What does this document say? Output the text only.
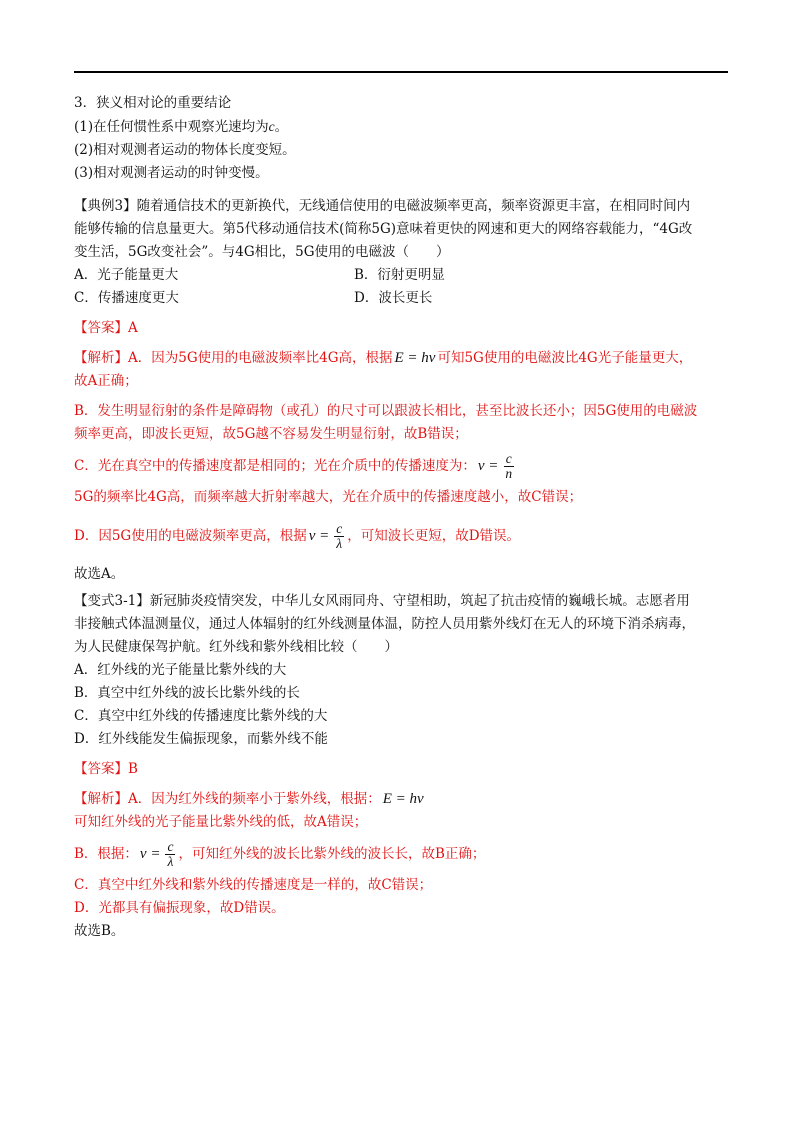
3．狭义相对论的重要结论
(1)在任何惯性系中观察光速均为c。
(2)相对观测者运动的物体长度变短。
(3)相对观测者运动的时钟变慢。
【典例3】随着通信技术的更新换代，无线通信使用的电磁波频率更高，频率资源更丰富，在相同时间内
能够传输的信息量更大。第5代移动通信技术(简称5G)意味着更快的网速和更大的网络容载能力，“4G改
变生活，5G改变社会”。与4G相比，5G使用的电磁波（　　）
A．光子能量更大	B．衍射更明显
C．传播速度更大	D．波长更长
【答案】A
【解析】A．因为5G使用的电磁波频率比4G高，根据 E = hν 可知5G使用的电磁波比4G光子能量更大，
故A正确；
B．发生明显衍射的条件是障碍物（或孔）的尺寸可以跟波长相比，甚至比波长还小；因5G使用的电磁波
频率更高，即波长更短，故5G越不容易发生明显衍射，故B错误；
C．光在真空中的传播速度都是相同的；光在介质中的传播速度为： $v = \frac{c}{n}$
5G的频率比4G高，而频率越大折射率越大，光在介质中的传播速度越小，故C错误；
D．因5G使用的电磁波频率更高，根据 $v = \frac{c}{\lambda}$ ，可知波长更短，故D错误。
故选A。
【变式3-1】新冠肺炎疫情突发，中华儿女风雨同舟、守望相助，筑起了抗击疫情的巍峨长城。志愿者用
非接触式体温测量仪，通过人体辐射的红外线测量体温，防控人员用紫外线灯在无人的环境下消杀病毒，
为人民健康保驾护航。红外线和紫外线相比较（　　）
A．红外线的光子能量比紫外线的大
B．真空中红外线的波长比紫外线的长
C．真空中红外线的传播速度比紫外线的大
D．红外线能发生偏振现象，而紫外线不能
【答案】B
【解析】A．因为红外线的频率小于紫外线，根据： E = hν
可知红外线的光子能量比紫外线的低，故A错误；
B．根据： $v = \frac{c}{\lambda}$ ，可知红外线的波长比紫外线的波长长，故B正确；
C．真空中红外线和紫外线的传播速度是一样的，故C错误；
D．光都具有偏振现象，故D错误。
故选B。
